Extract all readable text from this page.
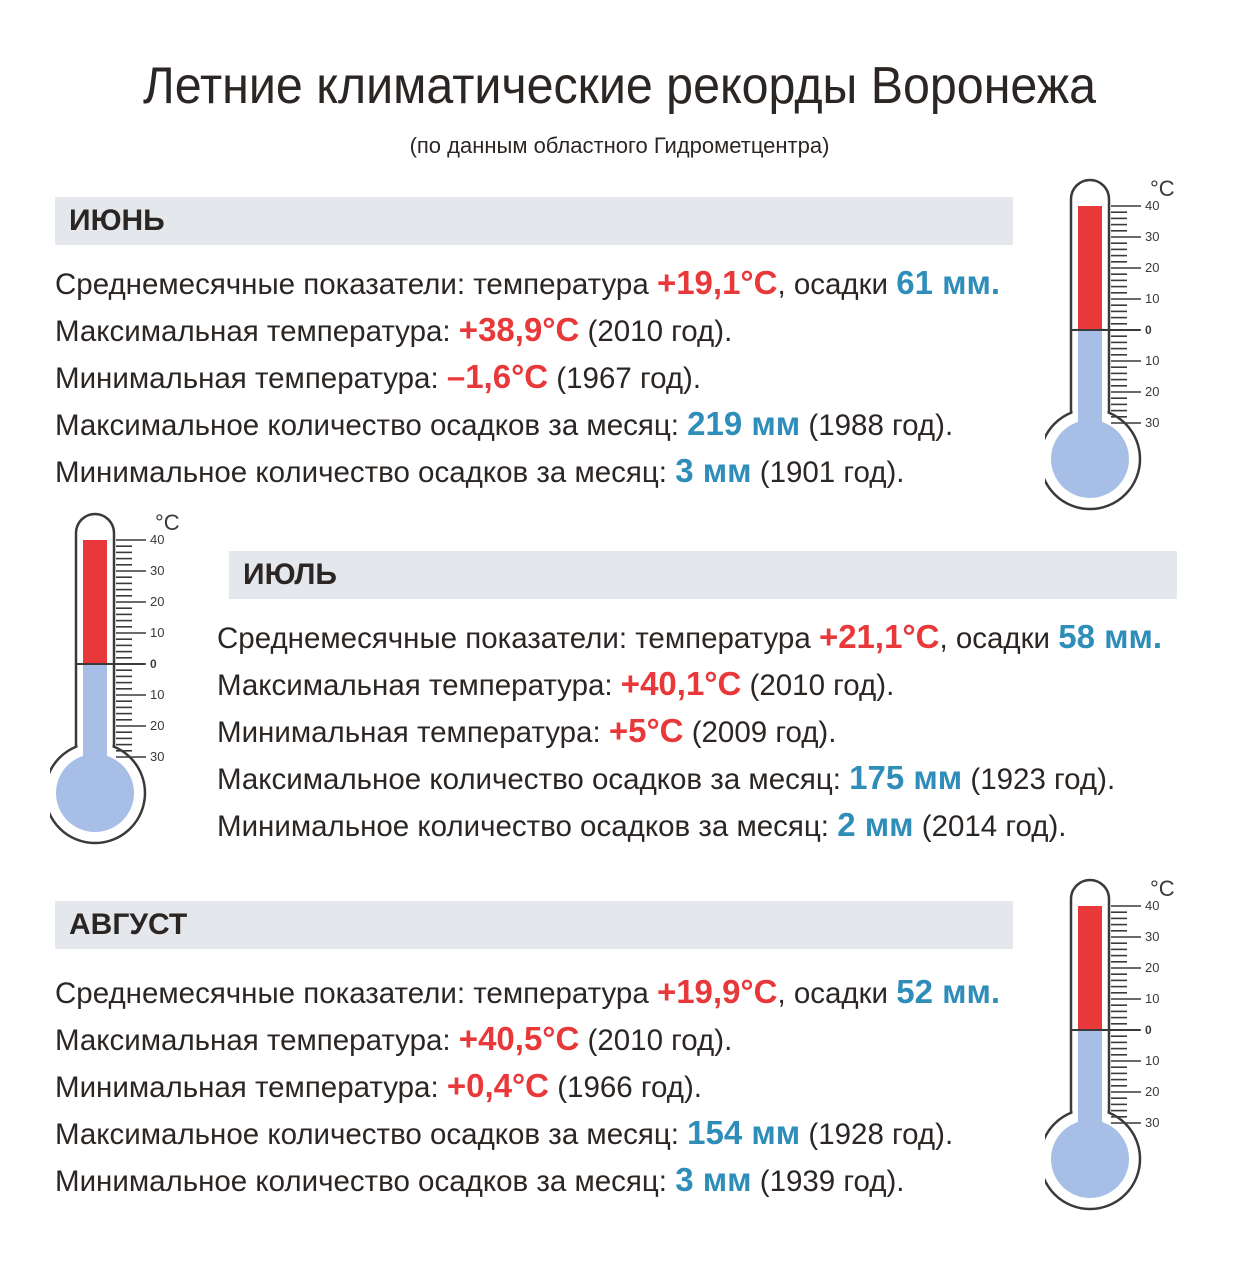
Летние климатические рекорды Воронежа
(по данным областного Гидрометцентра)
ИЮНЬ
Среднемесячные показатели: температура +19,1°C, осадки 61 мм.
Максимальная температура: +38,9°C (2010 год).
Минимальная температура: –1,6°C (1967 год).
Максимальное количество осадков за месяц: 219 мм (1988 год).
Минимальное количество осадков за месяц: 3 мм (1901 год).
40
30
20
10
0
10
20
30
°C
40
30
20
10
0
10
20
30
°C
ИЮЛЬ
Среднемесячные показатели: температура +21,1°C, осадки 58 мм.
Максимальная температура: +40,1°C (2010 год).
Минимальная температура: +5°C (2009 год).
Максимальное количество осадков за месяц: 175 мм (1923 год).
Минимальное количество осадков за месяц: 2 мм (2014 год).
АВГУСТ
Среднемесячные показатели: температура +19,9°C, осадки 52 мм.
Максимальная температура: +40,5°C (2010 год).
Минимальная температура: +0,4°C (1966 год).
Максимальное количество осадков за месяц: 154 мм (1928 год).
Минимальное количество осадков за месяц: 3 мм (1939 год).
40
30
20
10
0
10
20
30
°C
